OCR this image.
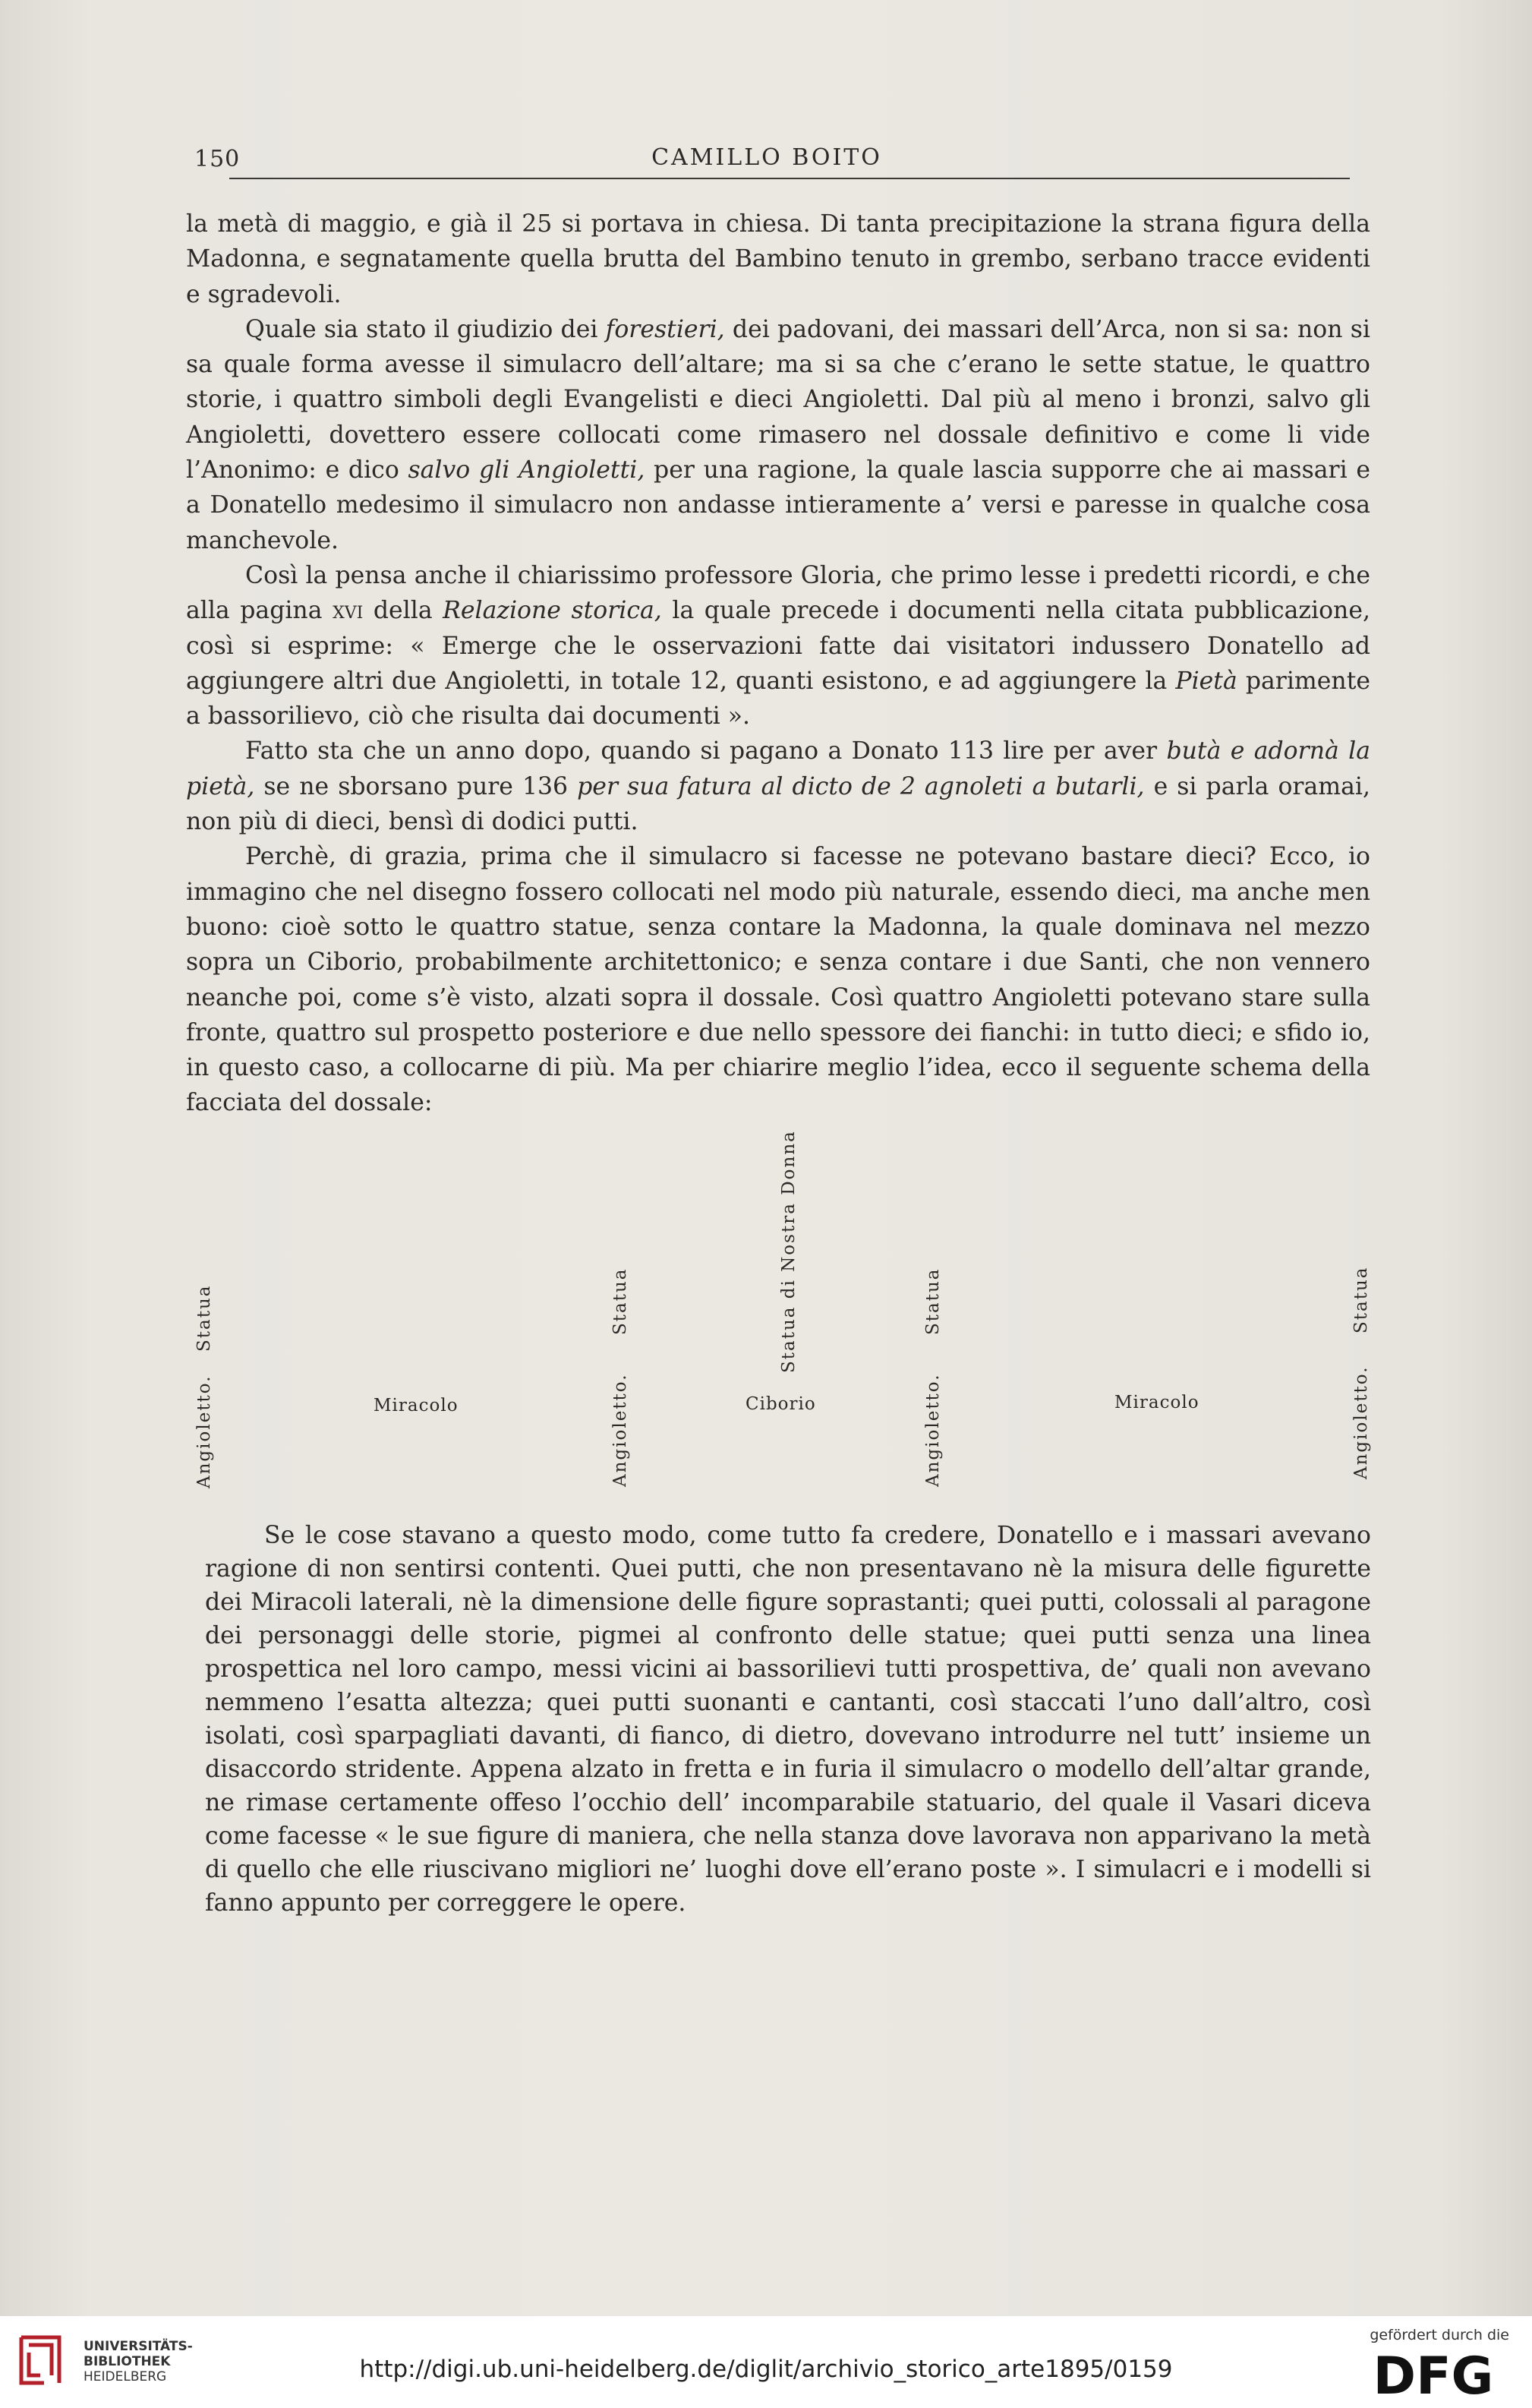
150	CAMILLO BOITO

la metà di maggio, e già il 25 si portava in chiesa. Di tanta precipitazione la strana figura della Madonna, e segnatamente quella brutta del Bambino tenuto in grembo, serbano tracce evidenti e sgradevoli.

Quale sia stato il giudizio dei forestieri, dei padovani, dei massari dell’Arca, non si sa: non si sa quale forma avesse il simulacro dell’altare; ma si sa che c’erano le sette statue, le quattro storie, i quattro simboli degli Evangelisti e dieci Angioletti. Dal più al meno i bronzi, salvo gli Angioletti, dovettero essere collocati come rimasero nel dossale definitivo e come li vide l’Anonimo: e dico salvo gli Angioletti, per una ragione, la quale lascia supporre che ai massari e a Donatello medesimo il simulacro non andasse intieramente a’ versi e paresse in qualche cosa manchevole.

Così la pensa anche il chiarissimo professore Gloria, che primo lesse i predetti ricordi, e che alla pagina xvi della Relazione storica, la quale precede i documenti nella citata pubblicazione, così si esprime: « Emerge che le osservazioni fatte dai visitatori indussero Donatello ad aggiungere altri due Angioletti, in totale 12, quanti esistono, e ad aggiungere la Pietà parimente a bassorilievo, ciò che risulta dai documenti ».

Fatto sta che un anno dopo, quando si pagano a Donato 113 lire per aver butà e adornà la pietà, se ne sborsano pure 136 per sua fatura al dicto de 2 agnoleti a butarli, e si parla oramai, non più di dieci, bensì di dodici putti.

Perchè, di grazia, prima che il simulacro si facesse ne potevano bastare dieci? Ecco, io immagino che nel disegno fossero collocati nel modo più naturale, essendo dieci, ma anche men buono: cioè sotto le quattro statue, senza contare la Madonna, la quale dominava nel mezzo sopra un Ciborio, probabilmente architettonico; e senza contare i due Santi, che non vennero neanche poi, come s’è visto, alzati sopra il dossale. Così quattro Angioletti potevano stare sulla fronte, quattro sul prospetto posteriore e due nello spessore dei fianchi: in tutto dieci; e sfido io, in questo caso, a collocarne di più. Ma per chiarire meglio l’idea, ecco il seguente schema della facciata del dossale:

Statua
Angioletto.	Miracolo
Statua
Angioletto.
Statua di Nostra Donna
Ciborio
Statua
Angioletto.	Miracolo
Statua
Angioletto.

Se le cose stavano a questo modo, come tutto fa credere, Donatello e i massari avevano ragione di non sentirsi contenti. Quei putti, che non presentavano nè la misura delle figurette dei Miracoli laterali, nè la dimensione delle figure soprastanti; quei putti, colossali al paragone dei personaggi delle storie, pigmei al confronto delle statue; quei putti senza una linea prospettica nel loro campo, messi vicini ai bassorilievi tutti prospettiva, de’ quali non avevano nemmeno l’esatta altezza; quei putti suonanti e cantanti, così staccati l’uno dall’altro, così isolati, così sparpagliati davanti, di fianco, di dietro, dovevano introdurre nel tutt’ insieme un disaccordo stridente. Appena alzato in fretta e in furia il simulacro o modello dell’altar grande, ne rimase certamente offeso l’occhio dell’ incomparabile statuario, del quale il Vasari diceva come facesse « le sue figure di maniera, che nella stanza dove lavorava non apparivano la metà di quello che elle riuscivano migliori ne’ luoghi dove ell’erano poste ». I simulacri e i modelli si fanno appunto per correggere le opere.

UNIVERSITÄTS-
BIBLIOTHEK
HEIDELBERG	http://digi.ub.uni-heidelberg.de/diglit/archivio_storico_arte1895/0159
gefördert durch die
DFG
